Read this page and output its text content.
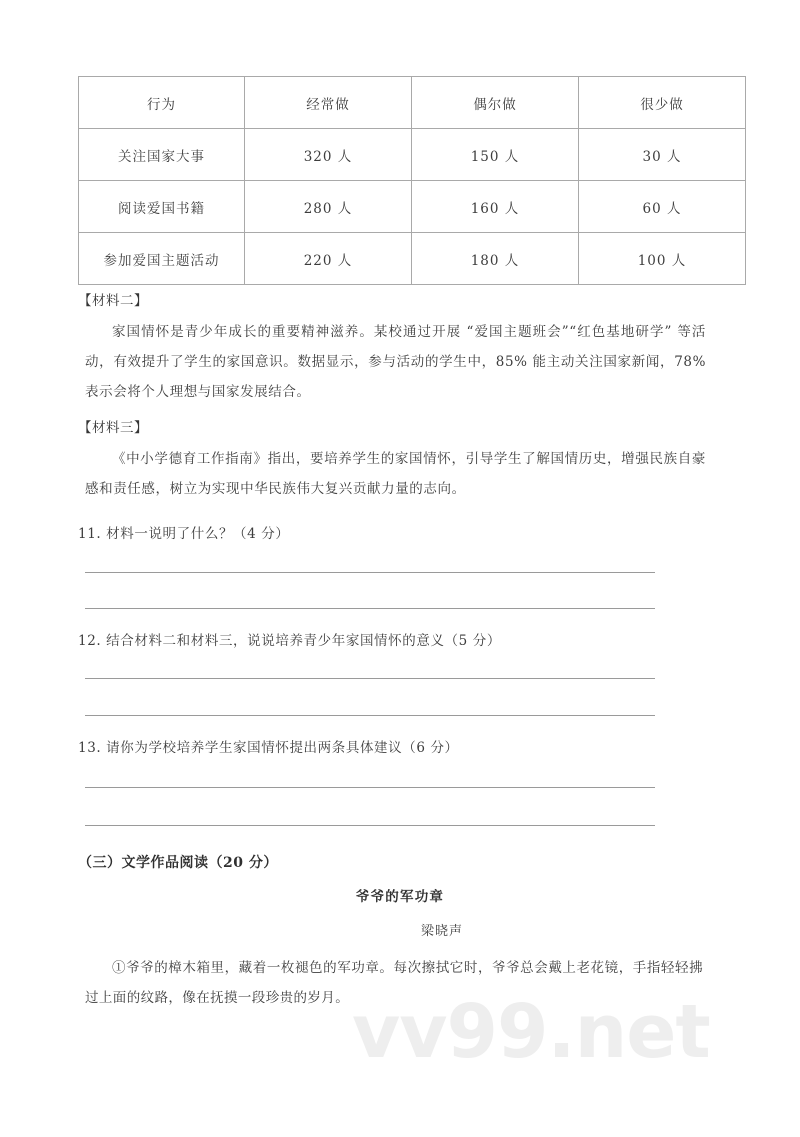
vv99.net
行为	经常做	偶尔做	很少做
关注国家大事	320 人	150 人	30 人
阅读爱国书籍	280 人	160 人	60 人
参加爱国主题活动	220 人	180 人	100 人
【材料二】
家国情怀是青少年成长的重要精神滋养。某校通过开展 “爱国主题班会”“红色基地研学” 等活动，有效提升了学生的家国意识。数据显示，参与活动的学生中，85% 能主动关注国家新闻，78% 表示会将个人理想与国家发展结合。
【材料三】
《中小学德育工作指南》指出，要培养学生的家国情怀，引导学生了解国情历史，增强民族自豪感和责任感，树立为实现中华民族伟大复兴贡献力量的志向。
11. 材料一说明了什么？（4 分）
12. 结合材料二和材料三，说说培养青少年家国情怀的意义（5 分）
13. 请你为学校培养学生家国情怀提出两条具体建议（6 分）
（三）文学作品阅读（20 分）
爷爷的军功章
梁晓声
①爷爷的樟木箱里，藏着一枚褪色的军功章。每次擦拭它时，爷爷总会戴上老花镜，手指轻轻拂过上面的纹路，像在抚摸一段珍贵的岁月。
